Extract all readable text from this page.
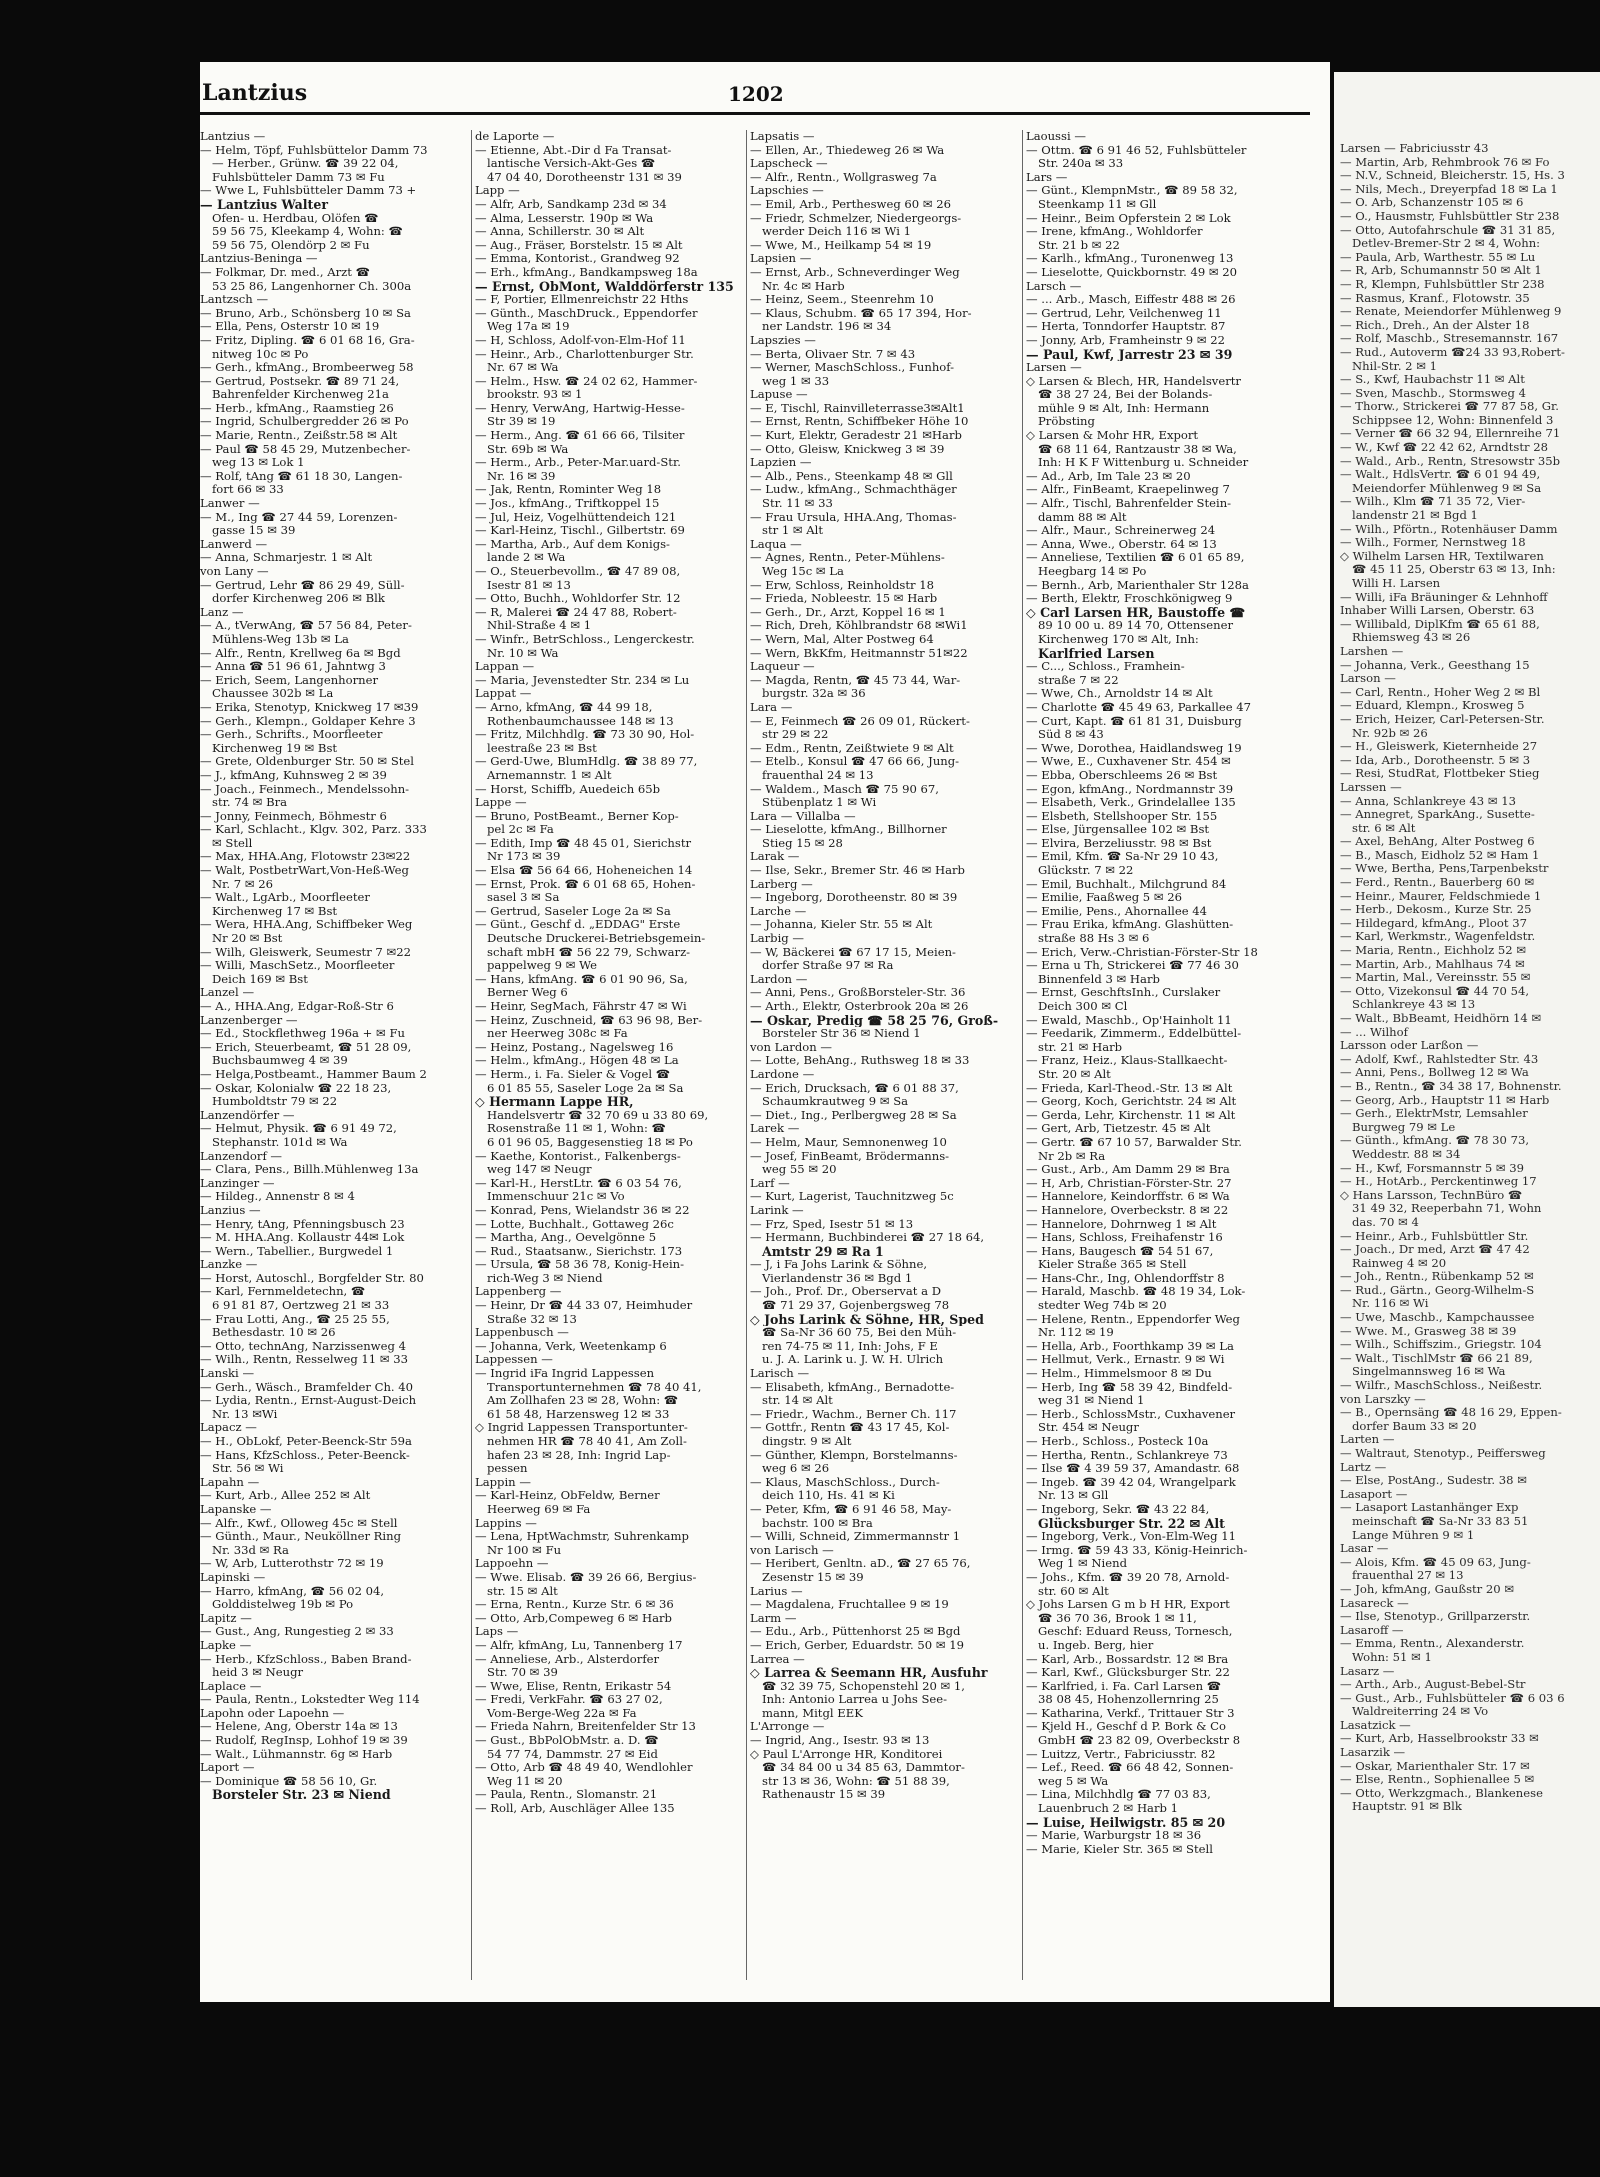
Lantzius	1202
Lantzius —
— Helm, Töpf, Fuhlsbüttelor Damm 73
— Herber., Grünw. ☎ 39 22 04,
Fuhlsbütteler Damm 73 ✉ Fu
— Wwe L, Fuhlsbütteler Damm 73 +
— Lantzius Walter
Ofen- u. Herdbau, Olöfen ☎
59 56 75, Kleekamp 4, Wohn: ☎
59 56 75, Olendörp 2 ✉ Fu
Lantzius-Beninga —
— Folkmar, Dr. med., Arzt ☎
53 25 86, Langenhorner Ch. 300a
Lantzsch —
— Bruno, Arb., Schönsberg 10 ✉ Sa
— Ella, Pens, Osterstr 10 ✉ 19
— Fritz, Dipling. ☎ 6 01 68 16, Gra-
nitweg 10c ✉ Po
— Gerh., kfmAng., Brombeerweg 58
— Gertrud, Postsekr. ☎ 89 71 24,
Bahrenfelder Kirchenweg 21a
— Herb., kfmAng., Raamstieg 26
— Ingrid, Schulbergredder 26 ✉ Po
— Marie, Rentn., Zeißstr.58 ✉ Alt
— Paul ☎ 58 45 29, Mutzenbecher-
weg 13 ✉ Lok 1
— Rolf, tAng ☎ 61 18 30, Langen-
fort 66 ✉ 33
Lanwer —
— M., Ing ☎ 27 44 59, Lorenzen-
gasse 15 ✉ 39
Lanwerd —
— Anna, Schmarjestr. 1 ✉ Alt
von Lany —
— Gertrud, Lehr ☎ 86 29 49, Süll-
dorfer Kirchenweg 206 ✉ Blk
Lanz —
— A., tVerwAng, ☎ 57 56 84, Peter-
Mühlens-Weg 13b ✉ La
— Alfr., Rentn, Krellweg 6a ✉ Bgd
— Anna ☎ 51 96 61, Jahntwg 3
— Erich, Seem, Langenhorner
Chaussee 302b ✉ La
— Erika, Stenotyp, Knickweg 17 ✉39
— Gerh., Klempn., Goldaper Kehre 3
— Gerh., Schrifts., Moorfleeter
Kirchenweg 19 ✉ Bst
— Grete, Oldenburger Str. 50 ✉ Stel
— J., kfmAng, Kuhnsweg 2 ✉ 39
— Joach., Feinmech., Mendelssohn-
str. 74 ✉ Bra
— Jonny, Feinmech, Böhmestr 6
— Karl, Schlacht., Klgv. 302, Parz. 333
✉ Stell
— Max, HHA.Ang, Flotowstr 23✉22
— Walt, PostbetrWart,Von-Heß-Weg
Nr. 7 ✉ 26
— Walt., LgArb., Moorfleeter
Kirchenweg 17 ✉ Bst
— Wera, HHA.Ang, Schiffbeker Weg
Nr 20 ✉ Bst
— Wilh, Gleiswerk, Seumestr 7 ✉22
— Willi, MaschSetz., Moorfleeter
Deich 169 ✉ Bst
Lanzel —
— A., HHA.Ang, Edgar-Roß-Str 6
Lanzenberger —
— Ed., Stockflethweg 196a + ✉ Fu
— Erich, Steuerbeamt, ☎ 51 28 09,
Buchsbaumweg 4 ✉ 39
— Helga,Postbeamt., Hammer Baum 2
— Oskar, Kolonialw ☎ 22 18 23,
Humboldtstr 79 ✉ 22
Lanzendörfer —
— Helmut, Physik. ☎ 6 91 49 72,
Stephanstr. 101d ✉ Wa
Lanzendorf —
— Clara, Pens., Billh.Mühlenweg 13a
Lanzinger —
— Hildeg., Annenstr 8 ✉ 4
Lanzius —
— Henry, tAng, Pfenningsbusch 23
— M. HHA.Ang. Kollaustr 44✉ Lok
— Wern., Tabellier., Burgwedel 1
Lanzke —
— Horst, Autoschl., Borgfelder Str. 80
— Karl, Fernmeldetechn, ☎
6 91 81 87, Oertzweg 21 ✉ 33
— Frau Lotti, Ang., ☎ 25 25 55,
Bethesdastr. 10 ✉ 26
— Otto, technAng, Narzissenweg 4
— Wilh., Rentn, Resselweg 11 ✉ 33
Lanski —
— Gerh., Wäsch., Bramfelder Ch. 40
— Lydia, Rentn., Ernst-August-Deich
Nr. 13 ✉Wi
Lapacz —
— H., ObLokf, Peter-Beenck-Str 59a
— Hans, KfzSchloss., Peter-Beenck-
Str. 56 ✉ Wi
Lapahn —
— Kurt, Arb., Allee 252 ✉ Alt
Lapanske —
— Alfr., Kwf., Olloweg 45c ✉ Stell
— Günth., Maur., Neuköllner Ring
Nr. 33d ✉ Ra
— W, Arb, Lutterothstr 72 ✉ 19
Lapinski —
— Harro, kfmAng, ☎ 56 02 04,
Golddistelweg 19b ✉ Po
Lapitz —
— Gust., Ang, Rungestieg 2 ✉ 33
Lapke —
— Herb., KfzSchloss., Baben Brand-
heid 3 ✉ Neugr
Laplace —
— Paula, Rentn., Lokstedter Weg 114
Lapohn oder Lapoehn —
— Helene, Ang, Oberstr 14a ✉ 13
— Rudolf, RegInsp, Lohhof 19 ✉ 39
— Walt., Lühmannstr. 6g ✉ Harb
Laport —
— Dominique ☎ 58 56 10, Gr.
Borsteler Str. 23 ✉ Niend
de Laporte —
— Etienne, Abt.-Dir d Fa Transat-
lantische Versich-Akt-Ges ☎
47 04 40, Dorotheenstr 131 ✉ 39
Lapp —
— Alfr, Arb, Sandkamp 23d ✉ 34
— Alma, Lesserstr. 190p ✉ Wa
— Anna, Schillerstr. 30 ✉ Alt
— Aug., Fräser, Borstelstr. 15 ✉ Alt
— Emma, Kontorist., Grandweg 92
— Erh., kfmAng., Bandkampsweg 18a
— Ernst, ObMont, Walddörferstr 135
— F, Portier, Ellmenreichstr 22 Hths
— Günth., MaschDruck., Eppendorfer
Weg 17a ✉ 19
— H, Schloss, Adolf-von-Elm-Hof 11
— Heinr., Arb., Charlottenburger Str.
Nr. 67 ✉ Wa
— Helm., Hsw. ☎ 24 02 62, Hammer-
brookstr. 93 ✉ 1
— Henry, VerwAng, Hartwig-Hesse-
Str 39 ✉ 19
— Herm., Ang. ☎ 61 66 66, Tilsiter
Str. 69b ✉ Wa
— Herm., Arb., Peter-Mar.uard-Str.
Nr. 16 ✉ 39
— Jak, Rentn, Rominter Weg 18
— Jos., kfmAng., Triftkoppel 15
— Jul, Heiz, Vogelhüttendeich 121
— Karl-Heinz, Tischl., Gilbertstr. 69
— Martha, Arb., Auf dem Konigs-
lande 2 ✉ Wa
— O., Steuerbevollm., ☎ 47 89 08,
Isestr 81 ✉ 13
— Otto, Buchh., Wohldorfer Str. 12
— R, Malerei ☎ 24 47 88, Robert-
Nhil-Straße 4 ✉ 1
— Winfr., BetrSchloss., Lengerckestr.
Nr. 10 ✉ Wa
Lappan —
— Maria, Jevenstedter Str. 234 ✉ Lu
Lappat —
— Arno, kfmAng, ☎ 44 99 18,
Rothenbaumchaussee 148 ✉ 13
— Fritz, Milchhdlg. ☎ 73 30 90, Hol-
leestraße 23 ✉ Bst
— Gerd-Uwe, BlumHdlg. ☎ 38 89 77,
Arnemannstr. 1 ✉ Alt
— Horst, Schiffb, Auedeich 65b
Lappe —
— Bruno, PostBeamt., Berner Kop-
pel 2c ✉ Fa
— Edith, Imp ☎ 48 45 01, Sierichstr
Nr 173 ✉ 39
— Elsa ☎ 56 64 66, Hoheneichen 14
— Ernst, Prok. ☎ 6 01 68 65, Hohen-
sasel 3 ✉ Sa
— Gertrud, Saseler Loge 2a ✉ Sa
— Günt., Geschf d. „EDDAG" Erste
Deutsche Druckerei-Betriebsgemein-
schaft mbH ☎ 56 22 79, Schwarz-
pappelweg 9 ✉ We
— Hans, kfmAng. ☎ 6 01 90 96, Sa,
Berner Weg 6
— Heinr, SegMach, Fährstr 47 ✉ Wi
— Heinz, Zuschneid, ☎ 63 96 98, Ber-
ner Heerweg 308c ✉ Fa
— Heinz, Postang., Nagelsweg 16
— Helm., kfmAng., Högen 48 ✉ La
— Herm., i. Fa. Sieler & Vogel ☎
6 01 85 55, Saseler Loge 2a ✉ Sa
◇ Hermann Lappe HR,
Handelsvertr ☎ 32 70 69 u 33 80 69,
Rosenstraße 11 ✉ 1, Wohn: ☎
6 01 96 05, Baggesenstieg 18 ✉ Po
— Kaethe, Kontorist., Falkenbergs-
weg 147 ✉ Neugr
— Karl-H., HerstLtr. ☎ 6 03 54 76,
Immenschuur 21c ✉ Vo
— Konrad, Pens, Wielandstr 36 ✉ 22
— Lotte, Buchhalt., Gottaweg 26c
— Martha, Ang., Oevelgönne 5
— Rud., Staatsanw., Sierichstr. 173
— Ursula, ☎ 58 36 78, Konig-Hein-
rich-Weg 3 ✉ Niend
Lappenberg —
— Heinr, Dr ☎ 44 33 07, Heimhuder
Straße 32 ✉ 13
Lappenbusch —
— Johanna, Verk, Weetenkamp 6
Lappessen —
— Ingrid iFa Ingrid Lappessen
Transportunternehmen ☎ 78 40 41,
Am Zollhafen 23 ✉ 28, Wohn: ☎
61 58 48, Harzensweg 12 ✉ 33
◇ Ingrid Lappessen Transportunter-
nehmen HR ☎ 78 40 41, Am Zoll-
hafen 23 ✉ 28, Inh: Ingrid Lap-
pessen
Lappin —
— Karl-Heinz, ObFeldw, Berner
Heerweg 69 ✉ Fa
Lappins —
— Lena, HptWachmstr, Suhrenkamp
Nr 100 ✉ Fu
Lappoehn —
— Wwe. Elisab. ☎ 39 26 66, Bergius-
str. 15 ✉ Alt
— Erna, Rentn., Kurze Str. 6 ✉ 36
— Otto, Arb,Compeweg 6 ✉ Harb
Laps —
— Alfr, kfmAng, Lu, Tannenberg 17
— Anneliese, Arb., Alsterdorfer
Str. 70 ✉ 39
— Wwe, Elise, Rentn, Erikastr 54
— Fredi, VerkFahr. ☎ 63 27 02,
Vom-Berge-Weg 22a ✉ Fa
— Frieda Nahrn, Breitenfelder Str 13
— Gust., BbPolObMstr. a. D. ☎
54 77 74, Dammstr. 27 ✉ Eid
— Otto, Arb ☎ 48 49 40, Wendlohler
Weg 11 ✉ 20
— Paula, Rentn., Slomanstr. 21
— Roll, Arb, Auschläger Allee 135
Lapsatis —
— Ellen, Ar., Thiedeweg 26 ✉ Wa
Lapscheck —
— Alfr., Rentn., Wollgrasweg 7a
Lapschies —
— Emil, Arb., Perthesweg 60 ✉ 26
— Friedr, Schmelzer, Niedergeorgs-
werder Deich 116 ✉ Wi 1
— Wwe, M., Heilkamp 54 ✉ 19
Lapsien —
— Ernst, Arb., Schneverdinger Weg
Nr. 4c ✉ Harb
— Heinz, Seem., Steenrehm 10
— Klaus, Schubm. ☎ 65 17 394, Hor-
ner Landstr. 196 ✉ 34
Lapszies —
— Berta, Olivaer Str. 7 ✉ 43
— Werner, MaschSchloss., Funhof-
weg 1 ✉ 33
Lapuse —
— E, Tischl, Rainvilleterrasse3✉Alt1
— Ernst, Rentn, Schiffbeker Höhe 10
— Kurt, Elektr, Geradestr 21 ✉Harb
— Otto, Gleisw, Knickweg 3 ✉ 39
Lapzien —
— Alb., Pens., Steenkamp 48 ✉ Gll
— Ludw., kfmAng., Schmachthäger
Str. 11 ✉ 33
— Frau Ursula, HHA.Ang, Thomas-
str 1 ✉ Alt
Laqua —
— Agnes, Rentn., Peter-Mühlens-
Weg 15c ✉ La
— Erw, Schloss, Reinholdstr 18
— Frieda, Nobleestr. 15 ✉ Harb
— Gerh., Dr., Arzt, Koppel 16 ✉ 1
— Rich, Dreh, Köhlbrandstr 68 ✉Wi1
— Wern, Mal, Alter Postweg 64
— Wern, BkKfm, Heitmannstr 51✉22
Laqueur —
— Magda, Rentn, ☎ 45 73 44, War-
burgstr. 32a ✉ 36
Lara —
— E, Feinmech ☎ 26 09 01, Rückert-
str 29 ✉ 22
— Edm., Rentn, Zeißtwiete 9 ✉ Alt
— Etelb., Konsul ☎ 47 66 66, Jung-
frauenthal 24 ✉ 13
— Waldem., Masch ☎ 75 90 67,
Stübenplatz 1 ✉ Wi
Lara — Villalba —
— Lieselotte, kfmAng., Billhorner
Stieg 15 ✉ 28
Larak —
— Ilse, Sekr., Bremer Str. 46 ✉ Harb
Larberg —
— Ingeborg, Dorotheenstr. 80 ✉ 39
Larche —
— Johanna, Kieler Str. 55 ✉ Alt
Larbig —
— W, Bäckerei ☎ 67 17 15, Meien-
dorfer Straße 97 ✉ Ra
Lardon —
— Anni, Pens., GroßBorsteler-Str. 36
— Arth., Elektr, Osterbrook 20a ✉ 26
— Oskar, Predig ☎ 58 25 76, Groß-
Borsteler Str 36 ✉ Niend 1
von Lardon —
— Lotte, BehAng., Ruthsweg 18 ✉ 33
Lardone —
— Erich, Drucksach, ☎ 6 01 88 37,
Schaumkrautweg 9 ✉ Sa
— Diet., Ing., Perlbergweg 28 ✉ Sa
Larek —
— Helm, Maur, Semnonenweg 10
— Josef, FinBeamt, Brödermanns-
weg 55 ✉ 20
Larf —
— Kurt, Lagerist, Tauchnitzweg 5c
Larink —
— Frz, Sped, Isestr 51 ✉ 13
— Hermann, Buchbinderei ☎ 27 18 64,
Amtstr 29 ✉ Ra 1
— J, i Fa Johs Larink & Söhne,
Vierlandenstr 36 ✉ Bgd 1
— Joh., Prof. Dr., Oberservat a D
☎ 71 29 37, Gojenbergsweg 78
◇ Johs Larink & Söhne, HR, Sped
☎ Sa-Nr 36 60 75, Bei den Müh-
ren 74-75 ✉ 11, Inh: Johs, F E
u. J. A. Larink u. J. W. H. Ulrich
Larisch —
— Elisabeth, kfmAng., Bernadotte-
str. 14 ✉ Alt
— Friedr., Wachm., Berner Ch. 117
— Gottfr., Rentn ☎ 43 17 45, Kol-
dingstr. 9 ✉ Alt
— Günther, Klempn, Borstelmanns-
weg 6 ✉ 26
— Klaus, MaschSchloss., Durch-
deich 110, Hs. 41 ✉ Ki
— Peter, Kfm, ☎ 6 91 46 58, May-
bachstr. 100 ✉ Bra
— Willi, Schneid, Zimmermannstr 1
von Larisch —
— Heribert, Genltn. aD., ☎ 27 65 76,
Zesenstr 15 ✉ 39
Larius —
— Magdalena, Fruchtallee 9 ✉ 19
Larm —
— Edu., Arb., Püttenhorst 25 ✉ Bgd
— Erich, Gerber, Eduardstr. 50 ✉ 19
Larrea —
◇ Larrea & Seemann HR, Ausfuhr
☎ 32 39 75, Schopenstehl 20 ✉ 1,
Inh: Antonio Larrea u Johs See-
mann, Mitgl EEK
L'Arronge —
— Ingrid, Ang., Isestr. 93 ✉ 13
◇ Paul L'Arronge HR, Konditorei
☎ 34 84 00 u 34 85 63, Dammtor-
str 13 ✉ 36, Wohn: ☎ 51 88 39,
Rathenaustr 15 ✉ 39
Laoussi —
— Ottm. ☎ 6 91 46 52, Fuhlsbütteler
Str. 240a ✉ 33
Lars —
— Günt., KlempnMstr., ☎ 89 58 32,
Steenkamp 11 ✉ Gll
— Heinr., Beim Opferstein 2 ✉ Lok
— Irene, kfmAng., Wohldorfer
Str. 21 b ✉ 22
— Karlh., kfmAng., Turonenweg 13
— Lieselotte, Quickbornstr. 49 ✉ 20
Larsch —
— ... Arb., Masch, Eiffestr 488 ✉ 26
— Gertrud, Lehr, Veilchenweg 11
— Herta, Tonndorfer Hauptstr. 87
— Jonny, Arb, Framheinstr 9 ✉ 22
— Paul, Kwf, Jarrestr 23 ✉ 39
Larsen —
◇ Larsen & Blech, HR, Handelsvertr
☎ 38 27 24, Bei der Bolands-
mühle 9 ✉ Alt, Inh: Hermann
Pröbsting
◇ Larsen & Mohr HR, Export
☎ 68 11 64, Rantzaustr 38 ✉ Wa,
Inh: H K F Wittenburg u. Schneider
— Ad., Arb, Im Tale 23 ✉ 20
— Alfr., FinBeamt, Kraepelinweg 7
— Alfr., Tischl, Bahrenfelder Stein-
damm 88 ✉ Alt
— Alfr., Maur., Schreinerweg 24
— Anna, Wwe., Oberstr. 64 ✉ 13
— Anneliese, Textilien ☎ 6 01 65 89,
Heegbarg 14 ✉ Po
— Bernh., Arb, Marienthaler Str 128a
— Berth, Elektr, Froschkönigweg 9
◇ Carl Larsen HR, Baustoffe ☎
89 10 00 u. 89 14 70, Ottensener
Kirchenweg 170 ✉ Alt, Inh:
Karlfried Larsen
— C..., Schloss., Framhein-
straße 7 ✉ 22
— Wwe, Ch., Arnoldstr 14 ✉ Alt
— Charlotte ☎ 45 49 63, Parkallee 47
— Curt, Kapt. ☎ 61 81 31, Duisburg
Süd 8 ✉ 43
— Wwe, Dorothea, Haidlandsweg 19
— Wwe, E., Cuxhavener Str. 454 ✉
— Ebba, Oberschleems 26 ✉ Bst
— Egon, kfmAng., Nordmannstr 39
— Elsabeth, Verk., Grindelallee 135
— Elsbeth, Stellshooper Str. 155
— Else, Jürgensallee 102 ✉ Bst
— Elvira, Berzeliusstr. 98 ✉ Bst
— Emil, Kfm. ☎ Sa-Nr 29 10 43,
Glückstr. 7 ✉ 22
— Emil, Buchhalt., Milchgrund 84
— Emilie, Faaßweg 5 ✉ 26
— Emilie, Pens., Ahornallee 44
— Frau Erika, kfmAng. Glashütten-
straße 88 Hs 3 ✉ 6
— Erich, Verw.-Christian-Förster-Str 18
— Erna u Th, Strickerei ☎ 77 46 30
Binnenfeld 3 ✉ Harb
— Ernst, GeschftsInh., Curslaker
Deich 300 ✉ Cl
— Ewald, Maschb., Op'Hainholt 11
— Feedarik, Zimmerm., Eddelbüttel-
str. 21 ✉ Harb
— Franz, Heiz., Klaus-Stallkaecht-
Str. 20 ✉ Alt
— Frieda, Karl-Theod.-Str. 13 ✉ Alt
— Georg, Koch, Gerichtstr. 24 ✉ Alt
— Gerda, Lehr, Kirchenstr. 11 ✉ Alt
— Gert, Arb, Tietzestr. 45 ✉ Alt
— Gertr. ☎ 67 10 57, Barwalder Str.
Nr 2b ✉ Ra
— Gust., Arb., Am Damm 29 ✉ Bra
— H, Arb, Christian-Förster-Str. 27
— Hannelore, Keindorffstr. 6 ✉ Wa
— Hannelore, Overbeckstr. 8 ✉ 22
— Hannelore, Dohrnweg 1 ✉ Alt
— Hans, Schloss, Freihafenstr 16
— Hans, Baugesch ☎ 54 51 67,
Kieler Straße 365 ✉ Stell
— Hans-Chr., Ing, Ohlendorffstr 8
— Harald, Maschb. ☎ 48 19 34, Lok-
stedter Weg 74b ✉ 20
— Helene, Rentn., Eppendorfer Weg
Nr. 112 ✉ 19
— Hella, Arb., Foorthkamp 39 ✉ La
— Hellmut, Verk., Ernastr. 9 ✉ Wi
— Helm., Himmelsmoor 8 ✉ Du
— Herb, Ing ☎ 58 39 42, Bindfeld-
weg 31 ✉ Niend 1
— Herb., SchlossMstr., Cuxhavener
Str. 454 ✉ Neugr
— Herb., Schloss., Posteck 10a
— Hertha, Rentn., Schlankreye 73
— Ilse ☎ 4 39 59 37, Amandastr. 68
— Ingeb. ☎ 39 42 04, Wrangelpark
Nr. 13 ✉ Gll
— Ingeborg, Sekr. ☎ 43 22 84,
Glücksburger Str. 22 ✉ Alt
— Ingeborg, Verk., Von-Elm-Weg 11
— Irmg. ☎ 59 43 33, König-Heinrich-
Weg 1 ✉ Niend
— Johs., Kfm. ☎ 39 20 78, Arnold-
str. 60 ✉ Alt
◇ Johs Larsen G m b H HR, Export
☎ 36 70 36, Brook 1 ✉ 11,
Geschf: Eduard Reuss, Tornesch,
u. Ingeb. Berg, hier
— Karl, Arb., Bossardstr. 12 ✉ Bra
— Karl, Kwf., Glücksburger Str. 22
— Karlfried, i. Fa. Carl Larsen ☎
38 08 45, Hohenzollernring 25
— Katharina, Verkf., Trittauer Str 3
— Kjeld H., Geschf d P. Bork & Co
GmbH ☎ 23 82 09, Overbeckstr 8
— Luitzz, Vertr., Fabriciusstr. 82
— Lef., Reed. ☎ 66 48 42, Sonnen-
weg 5 ✉ Wa
— Lina, Milchhdlg ☎ 77 03 83,
Lauenbruch 2 ✉ Harb 1
— Luise, Heilwigstr. 85 ✉ 20
— Marie, Warburgstr 18 ✉ 36
— Marie, Kieler Str. 365 ✉ Stell
Larsen — Fabriciusstr 43
— Martin, Arb, Rehmbrook 76 ✉ Fo
— N.V., Schneid, Bleicherstr. 15, Hs. 3
— Nils, Mech., Dreyerpfad 18 ✉ La 1
— O. Arb, Schanzenstr 105 ✉ 6
— O., Hausmstr, Fuhlsbüttler Str 238
— Otto, Autofahrschule ☎ 31 31 85,
Detlev-Bremer-Str 2 ✉ 4, Wohn:
— Paula, Arb, Warthestr. 55 ✉ Lu
— R, Arb, Schumannstr 50 ✉ Alt 1
— R, Klempn, Fuhlsbüttler Str 238
— Rasmus, Kranf., Flotowstr. 35
— Renate, Meiendorfer Mühlenweg 9
— Rich., Dreh., An der Alster 18
— Rolf, Maschb., Stresemannstr. 167
— Rud., Autoverm ☎24 33 93,Robert-
Nhil-Str. 2 ✉ 1
— S., Kwf, Haubachstr 11 ✉ Alt
— Sven, Maschb., Stormsweg 4
— Thorw., Strickerei ☎ 77 87 58, Gr.
Schippsee 12, Wohn: Binnenfeld 3
— Verner ☎ 66 32 94, Ellernreihe 71
— W., Kwf ☎ 22 42 62, Arndtstr 28
— Wald., Arb., Rentn, Stresowstr 35b
— Walt., HdlsVertr. ☎ 6 01 94 49,
Meiendorfer Mühlenweg 9 ✉ Sa
— Wilh., Klm ☎ 71 35 72, Vier-
landenstr 21 ✉ Bgd 1
— Wilh., Pförtn., Rotenhäuser Damm
— Wilh., Former, Nernstweg 18
◇ Wilhelm Larsen HR, Textilwaren
☎ 45 11 25, Oberstr 63 ✉ 13, Inh:
Willi H. Larsen
— Willi, iFa Bräuninger & Lehnhoff
Inhaber Willi Larsen, Oberstr. 63
— Willibald, DiplKfm ☎ 65 61 88,
Rhiemsweg 43 ✉ 26
Larshen —
— Johanna, Verk., Geesthang 15
Larson —
— Carl, Rentn., Hoher Weg 2 ✉ Bl
— Eduard, Klempn., Krosweg 5
— Erich, Heizer, Carl-Petersen-Str.
Nr. 92b ✉ 26
— H., Gleiswerk, Kieternheide 27
— Ida, Arb., Dorotheenstr. 5 ✉ 3
— Resi, StudRat, Flottbeker Stieg
Larssen —
— Anna, Schlankreye 43 ✉ 13
— Annegret, SparkAng., Susette-
str. 6 ✉ Alt
— Axel, BehAng, Alter Postweg 6
— B., Masch, Eidholz 52 ✉ Ham 1
— Wwe, Bertha, Pens,Tarpenbekstr
— Ferd., Rentn., Bauerberg 60 ✉
— Heinr., Maurer, Feldschmiede 1
— Herb., Dekosm., Kurze Str. 25
— Hildegard, kfmAng., Ploot 37
— Karl, Werkmstr., Wagenfeldstr.
— Maria, Rentn., Eichholz 52 ✉
— Martin, Arb., Mahlhaus 74 ✉
— Martin, Mal., Vereinsstr. 55 ✉
— Otto, Vizekonsul ☎ 44 70 54,
Schlankreye 43 ✉ 13
— Walt., BbBeamt, Heidhörn 14 ✉
— ... Wilhof
Larsson oder Larßon —
— Adolf, Kwf., Rahlstedter Str. 43
— Anni, Pens., Bollweg 12 ✉ Wa
— B., Rentn., ☎ 34 38 17, Bohnenstr.
— Georg, Arb., Hauptstr 11 ✉ Harb
— Gerh., ElektrMstr, Lemsahler
Burgweg 79 ✉ Le
— Günth., kfmAng. ☎ 78 30 73,
Weddestr. 88 ✉ 34
— H., Kwf, Forsmannstr 5 ✉ 39
— H., HotArb., Perckentinweg 17
◇ Hans Larsson, TechnBüro ☎
31 49 32, Reeperbahn 71, Wohn
das. 70 ✉ 4
— Heinr., Arb., Fuhlsbüttler Str.
— Joach., Dr med, Arzt ☎ 47 42
Rainweg 4 ✉ 20
— Joh., Rentn., Rübenkamp 52 ✉
— Rud., Gärtn., Georg-Wilhelm-S
Nr. 116 ✉ Wi
— Uwe, Maschb., Kampchaussee
— Wwe. M., Grasweg 38 ✉ 39
— Wilh., Schiffszim., Griegstr. 104
— Walt., TischlMstr ☎ 66 21 89,
Singelmannsweg 16 ✉ Wa
— Wilfr., MaschSchloss., Neißestr.
von Larszky —
— B., Opernsäng ☎ 48 16 29, Eppen-
dorfer Baum 33 ✉ 20
Larten —
— Waltraut, Stenotyp., Peiffersweg
Lartz —
— Else, PostAng., Sudestr. 38 ✉
Lasaport —
— Lasaport Lastanhänger Exp
meinschaft ☎ Sa-Nr 33 83 51
Lange Mühren 9 ✉ 1
Lasar —
— Alois, Kfm. ☎ 45 09 63, Jung-
frauenthal 27 ✉ 13
— Joh, kfmAng, Gaußstr 20 ✉
Lasareck —
— Ilse, Stenotyp., Grillparzerstr.
Lasaroff —
— Emma, Rentn., Alexanderstr.
Wohn: 51 ✉ 1
Lasarz —
— Arth., Arb., August-Bebel-Str
— Gust., Arb., Fuhlsbütteler ☎ 6 03 6
Waldreiterring 24 ✉ Vo
Lasatzick —
— Kurt, Arb, Hasselbrookstr 33 ✉
Lasarzik —
— Oskar, Marienthaler Str. 17 ✉
— Else, Rentn., Sophienallee 5 ✉
— Otto, Werkzgmach., Blankenese
Hauptstr. 91 ✉ Blk
